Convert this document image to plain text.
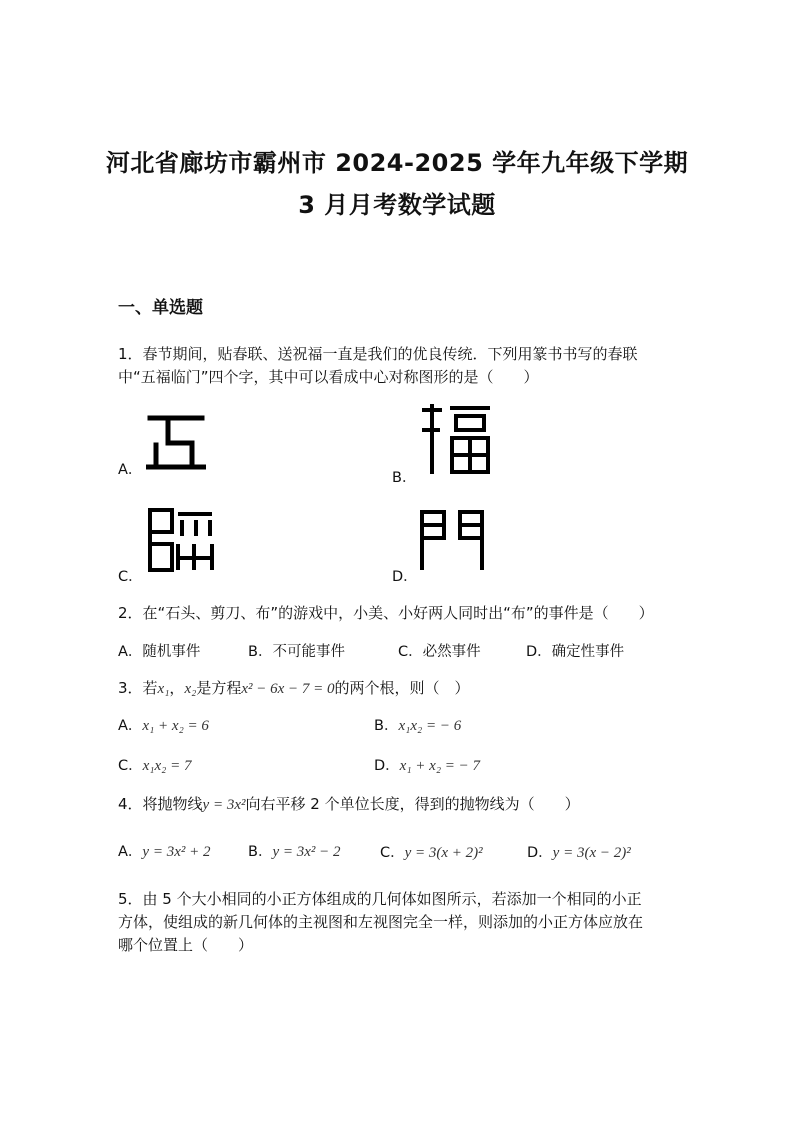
河北省廊坊市霸州市 2024-2025 学年九年级下学期
3 月月考数学试题
一、单选题
1．春节期间，贴春联、送祝福一直是我们的优良传统．下列用篆书书写的春联
中“五福临门”四个字，其中可以看成中心对称图形的是（　　）
A．	B．
C．	D．
2．在“石头、剪刀、布”的游戏中，小美、小好两人同时出“布”的事件是（　　）
A．随机事件	B．不可能事件	C．必然事件	D．确定性事件
3．若x₁，x₂是方程x² − 6x − 7 = 0的两个根，则（　）
A．x₁ + x₂ = 6	B．x₁x₂ = − 6
C．x₁x₂ = 7	D．x₁ + x₂ = − 7
4．将抛物线y = 3x²向右平移 2 个单位长度，得到的抛物线为（　　）
A．y = 3x² + 2	B．y = 3x² − 2	C．y = 3(x + 2)²	D．y = 3(x − 2)²
5．由 5 个大小相同的小正方体组成的几何体如图所示，若添加一个相同的小正
方体，使组成的新几何体的主视图和左视图完全一样，则添加的小正方体应放在
哪个位置上（　　）
